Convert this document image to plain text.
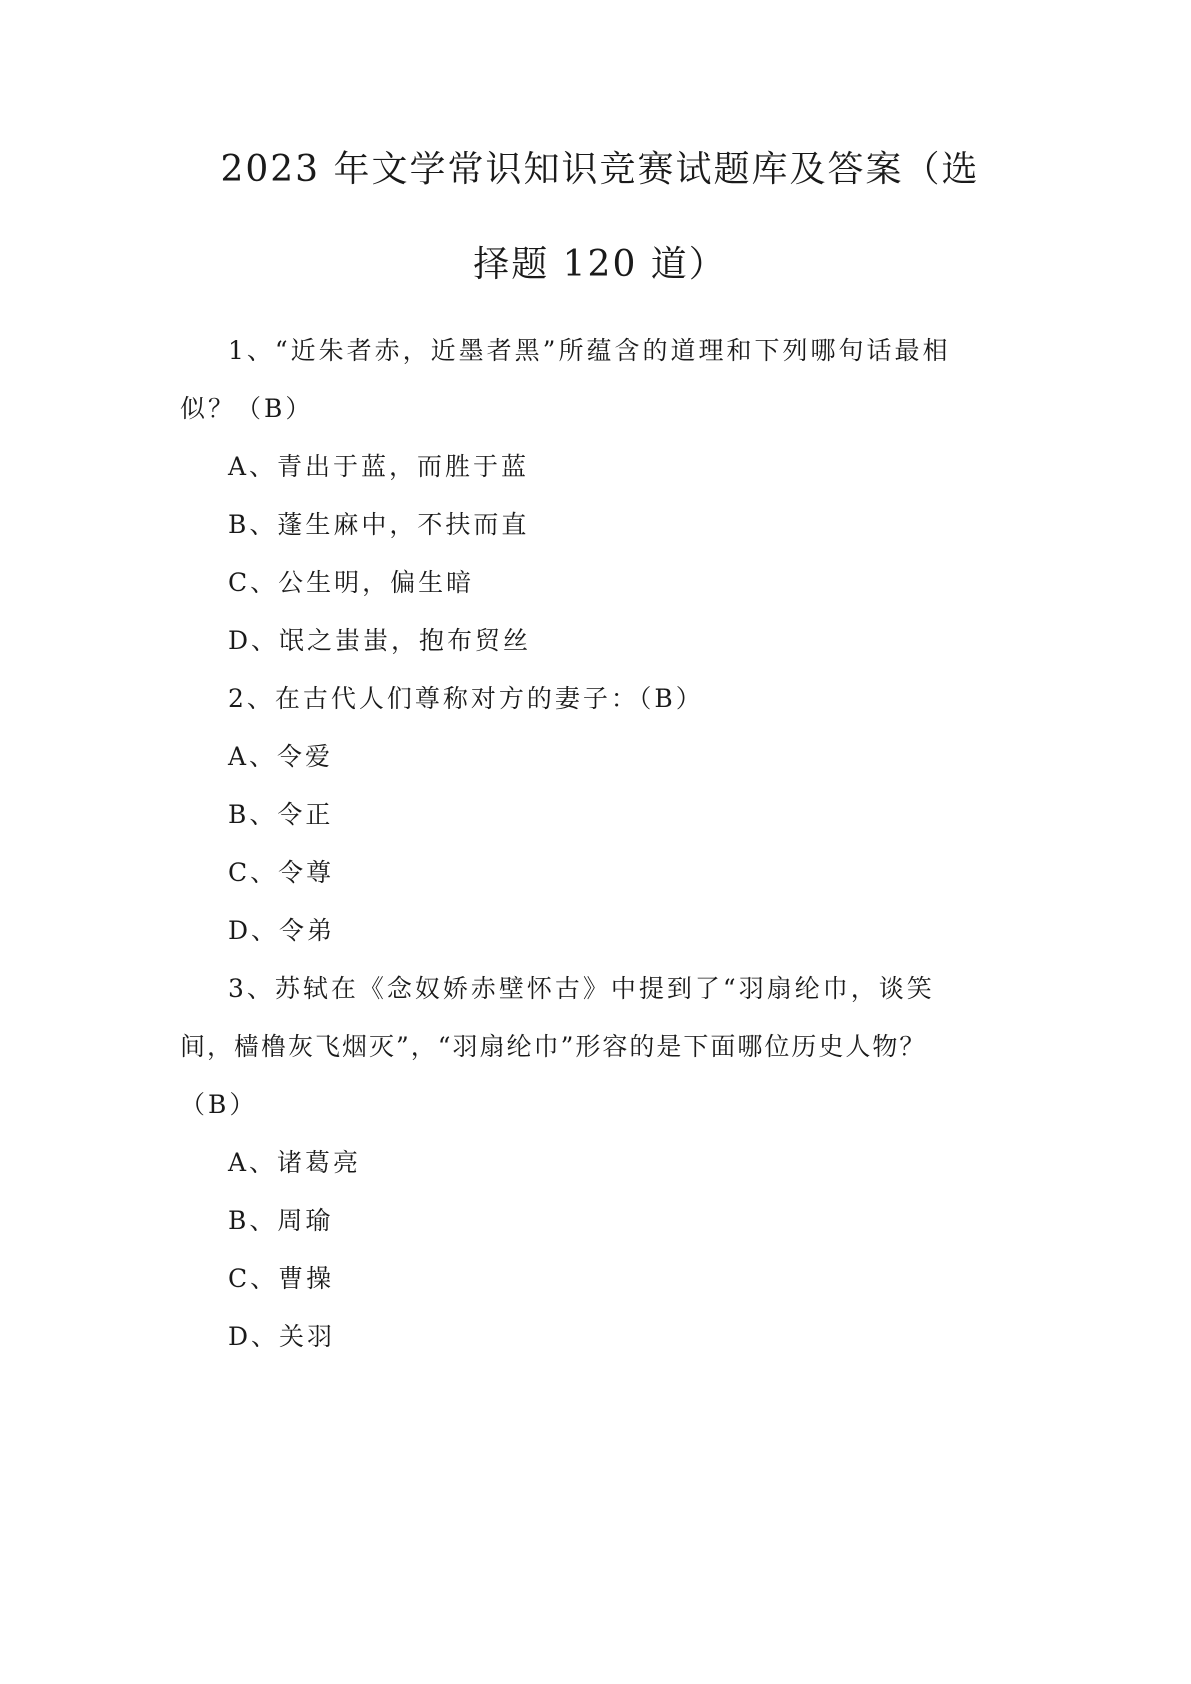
2023 年文学常识知识竞赛试题库及答案（选
择题 120 道）

1、“近朱者赤，近墨者黑”所蕴含的道理和下列哪句话最相

似？（B）

A、青出于蓝，而胜于蓝

B、蓬生麻中，不扶而直

C、公生明，偏生暗

D、氓之蚩蚩，抱布贸丝

2、在古代人们尊称对方的妻子：（B）

A、令爱

B、令正

C、令尊

D、令弟

3、苏轼在《念奴娇赤壁怀古》中提到了“羽扇纶巾，谈笑

间，樯橹灰飞烟灭”，“羽扇纶巾”形容的是下面哪位历史人物？

（B）

A、诸葛亮

B、周瑜

C、曹操

D、关羽
